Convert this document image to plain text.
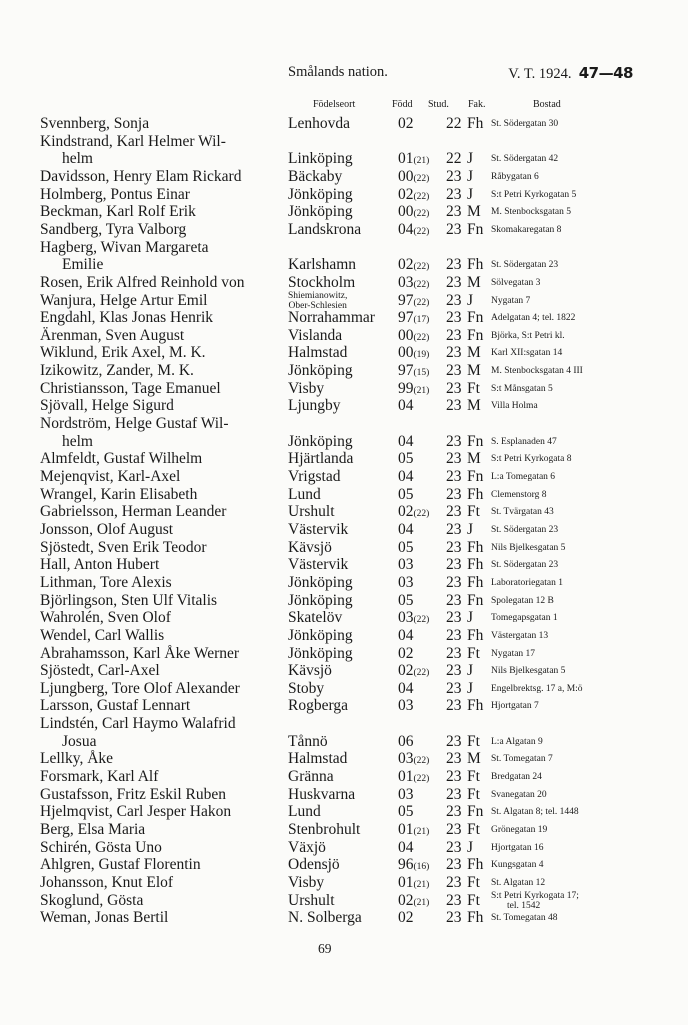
Smålands nation.	V. T. 1924. 47—48
Födelseort	Född Stud. Fak.	Bostad
Svennberg, Sonja	Lenhovda	02 22 Fh St. Södergatan 30
Kindstrand, Karl Helmer Wil-
helm	Linköping	01(21) 22 J St. Södergatan 42
Davidsson, Henry Elam Rickard	Bäckaby	00(22) 23 J Råbygatan 6
Holmberg, Pontus Einar	Jönköping	02(22) 23 J S:t Petri Kyrkogatan 5
Beckman, Karl Rolf Erik	Jönköping	00(22) 23 M M. Stenbocksgatan 5
Sandberg, Tyra Valborg	Landskrona 04(22) 23 Fn Skomakaregatan 8
Hagberg, Wivan Margareta
Emilie	Karlshamn	02(22) 23 Fh St. Södergatan 23
Rosen, Erik Alfred Reinhold von	Stockholm	03(22) 23 M Sölvegatan 3
Wanjura, Helge Artur Emil	Shiemianowitz,
Ober-Schlesien	97(22) 23 J Nygatan 7
Engdahl, Klas Jonas Henrik	Norrahammar 97(17) 23 Fn Adelgatan 4; tel. 1822
Ärenman, Sven August	Vislanda	00(22) 23 Fn Björka, S:t Petri kl.
Wiklund, Erik Axel, M. K.	Halmstad	00(19) 23 M Karl XII:sgatan 14
Izikowitz, Zander, M. K.	Jönköping	97(15) 23 M M. Stenbocksgatan 4 III
Christiansson, Tage Emanuel	Visby	99(21) 23 Ft S:t Månsgatan 5
Sjövall, Helge Sigurd	Ljungby	04 23 M Villa Holma
Nordström, Helge Gustaf Wil-
helm	Jönköping	04 23 Fn S. Esplanaden 47
Almfeldt, Gustaf Wilhelm	Hjärtlanda	05 23 M S:t Petri Kyrkogata 8
Mejenqvist, Karl-Axel	Vrigstad	04 23 Fn L:a Tomegatan 6
Wrangel, Karin Elisabeth	Lund	05 23 Fh Clemenstorg 8
Gabrielsson, Herman Leander	Urshult	02(22) 23 Ft St. Tvärgatan 43
Jonsson, Olof August	Västervik	04 23 J St. Södergatan 23
Sjöstedt, Sven Erik Teodor	Kävsjö	05 23 Fh Nils Bjelkesgatan 5
Hall, Anton Hubert	Västervik	03 23 Fh St. Södergatan 23
Lithman, Tore Alexis	Jönköping	03 23 Fh Laboratoriegatan 1
Björlingson, Sten Ulf Vitalis	Jönköping	05 23 Fn Spolegatan 12 B
Wahrolén, Sven Olof	Skatelöv	03(22) 23 J Tomegapsgatan 1
Wendel, Carl Wallis	Jönköping	04 23 Fh Västergatan 13
Abrahamsson, Karl Åke Werner	Jönköping	02 23 Ft Nygatan 17
Sjöstedt, Carl-Axel	Kävsjö	02(22) 23 J Nils Bjelkesgatan 5
Ljungberg, Tore Olof Alexander	Stoby	04 23 J Engelbrektsg. 17 a, M:ö
Larsson, Gustaf Lennart	Rogberga	03 23 Fh Hjortgatan 7
Lindstén, Carl Haymo Walafrid
Josua	Tånnö	06 23 Ft L:a Algatan 9
Lellky, Åke	Halmstad	03(22) 23 M St. Tomegatan 7
Forsmark, Karl Alf	Gränna	01(22) 23 Ft Bredgatan 24
Gustafsson, Fritz Eskil Ruben	Huskvarna	03 23 Ft Svanegatan 20
Hjelmqvist, Carl Jesper Hakon	Lund	05 23 Fn St. Algatan 8; tel. 1448
Berg, Elsa Maria	Stenbrohult 01(21) 23 Ft Grönegatan 19
Schirén, Gösta Uno	Växjö	04 23 J Hjortgatan 16
Ahlgren, Gustaf Florentin	Odensjö	96(16) 23 Fh Kungsgatan 4
Johansson, Knut Elof	Visby	01(21) 23 Ft St. Algatan 12
Skoglund, Gösta	Urshult	02(21) 23 Ft S:t Petri Kyrkogata 17;
tel. 1542
Weman, Jonas Bertil	N. Solberga 02 23 Fh St. Tomegatan 48
69
